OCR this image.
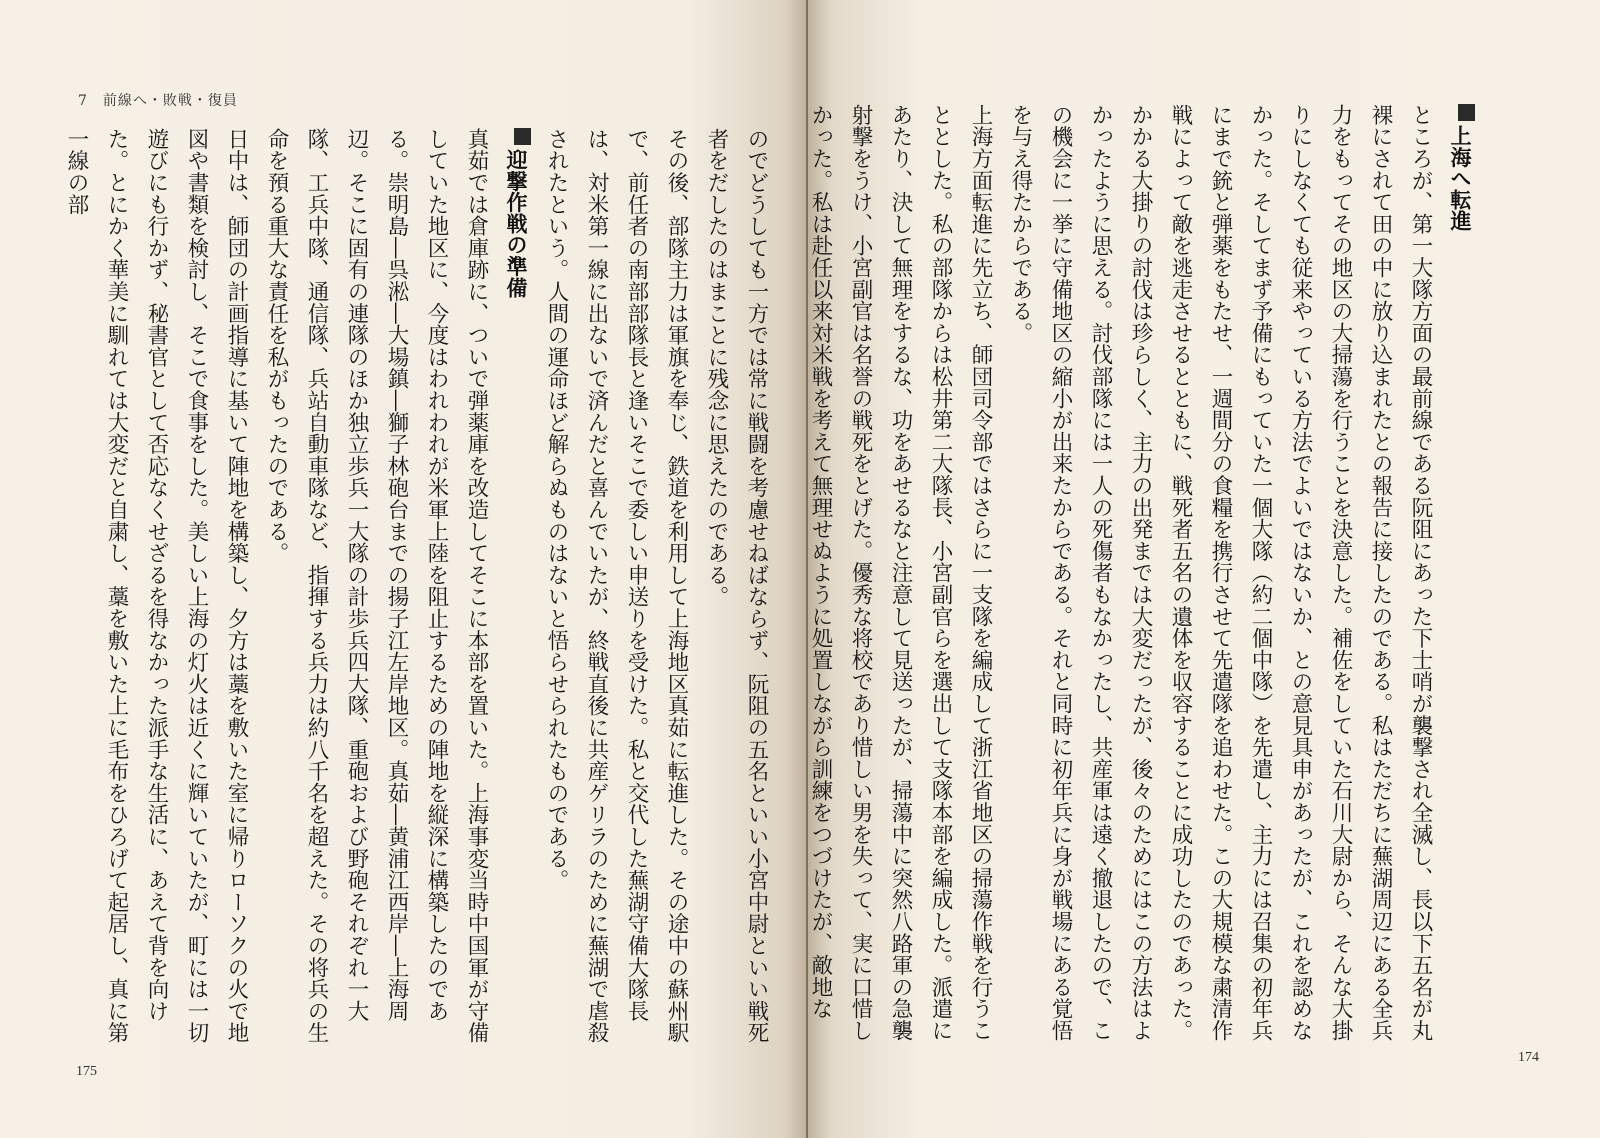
7　前線へ・敗戦・復員
のでどうしても一方では常に戦闘を考慮せねばならず、阮阻の五名といい小宮中尉といい戦死者をだしたのはまことに残念に思えたのである。
その後、部隊主力は軍旗を奉じ、鉄道を利用して上海地区真茹に転進した。その途中の蘇州駅で、前任者の南部部隊長と逢いそこで委しい申送りを受けた。私と交代した蕪湖守備大隊長は、対米第一線に出ないで済んだと喜んでいたが、終戦直後に共産ゲリラのために蕪湖で虐殺されたという。人間の運命ほど解らぬものはないと悟らせられたものである。
迎撃作戦の準備
真茹では倉庫跡に、ついで弾薬庫を改造してそこに本部を置いた。上海事変当時中国軍が守備していた地区に、今度はわれわれが米軍上陸を阻止するための陣地を縦深に構築したのである。崇明島―呉淞―大場鎮―獅子林砲台までの揚子江左岸地区。真茹―黄浦江西岸―上海周辺。そこに固有の連隊のほか独立歩兵一大隊の計歩兵四大隊、重砲および野砲それぞれ一大隊、工兵中隊、通信隊、兵站自動車隊など、指揮する兵力は約八千名を超えた。その将兵の生命を預る重大な責任を私がもったのである。
日中は、師団の計画指導に基いて陣地を構築し、夕方は藁を敷いた室に帰りローソクの火で地図や書類を検討し、そこで食事をした。美しい上海の灯火は近くに輝いていたが、町には一切遊びにも行かず、秘書官として否応なくせざるを得なかった派手な生活に、あえて背を向けた。とにかく華美に馴れては大変だと自粛し、藁を敷いた上に毛布をひろげて起居し、真に第一線の部
175
上海へ転進
ところが、第一大隊方面の最前線である阮阻にあった下士哨が襲撃され全滅し、長以下五名が丸裸にされて田の中に放り込まれたとの報告に接したのである。私はただちに蕪湖周辺にある全兵力をもってその地区の大掃蕩を行うことを決意した。補佐をしていた石川大尉から、そんな大掛りにしなくても従来やっている方法でよいではないか、との意見具申があったが、これを認めなかった。そしてまず予備にもっていた一個大隊（約二個中隊）を先遣し、主力には召集の初年兵にまで銃と弾薬をもたせ、一週間分の食糧を携行させて先遣隊を追わせた。この大規模な粛清作戦によって敵を逃走させるとともに、戦死者五名の遺体を収容することに成功したのであった。かかる大掛りの討伐は珍らしく、主力の出発までは大変だったが、後々のためにはこの方法はよかったように思える。討伐部隊には一人の死傷者もなかったし、共産軍は遠く撤退したので、この機会に一挙に守備地区の縮小が出来たからである。それと同時に初年兵に身が戦場にある覚悟を与え得たからである。
上海方面転進に先立ち、師団司令部ではさらに一支隊を編成して浙江省地区の掃蕩作戦を行うこととした。私の部隊からは松井第二大隊長、小宮副官らを選出して支隊本部を編成した。派遣にあたり、決して無理をするな、功をあせるなと注意して見送ったが、掃蕩中に突然八路軍の急襲射撃をうけ、小宮副官は名誉の戦死をとげた。優秀な将校であり惜しい男を失って、実に口惜しかった。私は赴任以来対米戦を考えて無理せぬように処置しながら訓練をつづけたが、敵地な
174
